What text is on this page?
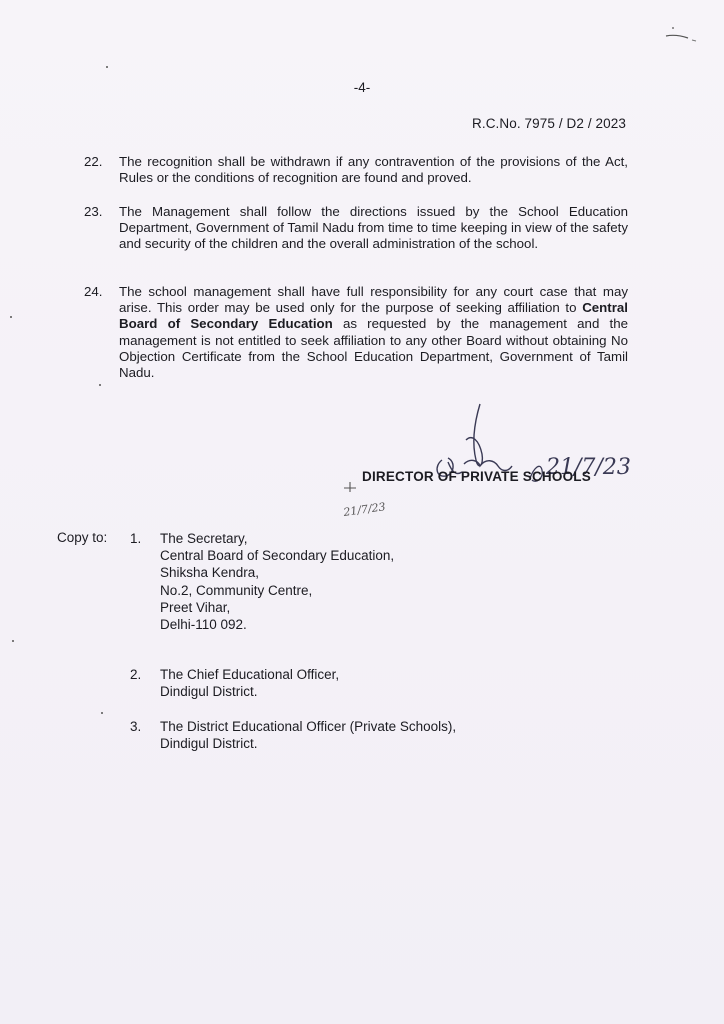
-4-
R.C.No. 7975 / D2 / 2023
22.	The recognition shall be withdrawn if any contravention of the provisions of the Act, Rules or the conditions of recognition are found and proved.
23.	The Management shall follow the directions issued by the School Education Department, Government of Tamil Nadu from time to time keeping in view of the safety and security of the children and the overall administration of the school.
24.	The school management shall have full responsibility for any court case that may arise. This order may be used only for the purpose of seeking affiliation to Central Board of Secondary Education as requested by the management and the management is not entitled to seek affiliation to any other Board without obtaining No Objection Certificate from the School Education Department, Government of Tamil Nadu.
21/7/23
21/7/23
DIRECTOR OF PRIVATE SCHOOLS
Copy to: 1.	The Secretary,
Central Board of Secondary Education,
Shiksha Kendra,
No.2, Community Centre,
Preet Vihar,
Delhi-110 092.
2.	The Chief Educational Officer,
Dindigul District.
3.	The District Educational Officer (Private Schools),
Dindigul District.
